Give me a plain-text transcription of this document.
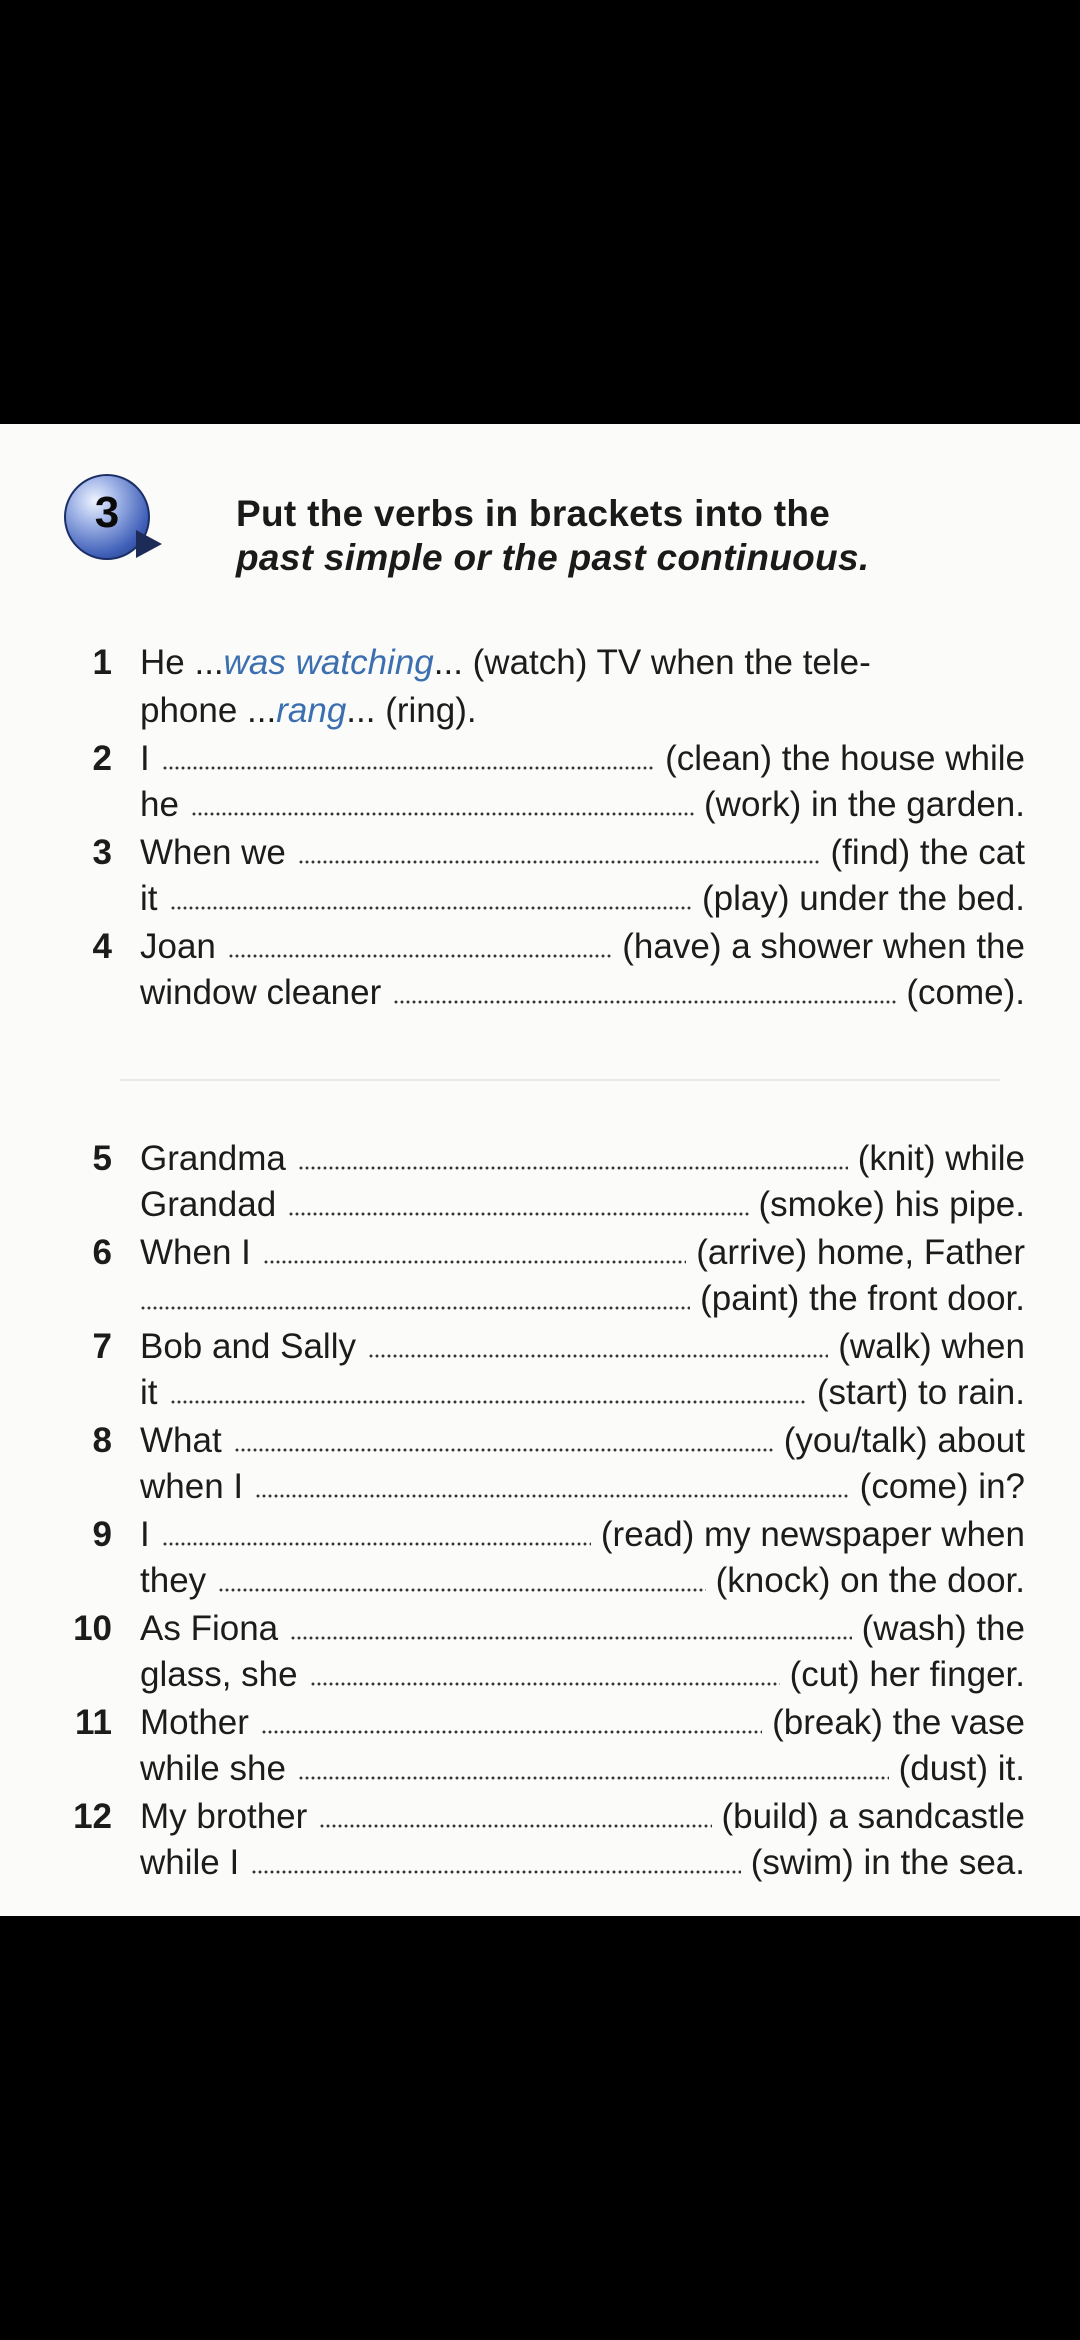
3	Put the verbs in brackets into the
past simple or the past continuous.
1 He ... was watching ... (watch) TV when the tele-
phone ... rang ... (ring).
2 I	(clean) the house while
he	(work) in the garden.
3 When we	(find) the cat
it	(play) under the bed.
4 Joan	(have) a shower when the
window cleaner	(come).
5 Grandma	(knit) while
Grandad	(smoke) his pipe.
6 When I	(arrive) home, Father
(paint) the front door.
7 Bob and Sally	(walk) when
it	(start) to rain.
8 What	(you/talk) about
when I	(come) in?
9 I	(read) my newspaper when
they	(knock) on the door.
10 As Fiona	(wash) the
glass, she	(cut) her finger.
11 Mother	(break) the vase
while she	(dust) it.
12 My brother	(build) a sandcastle
while I	(swim) in the sea.
